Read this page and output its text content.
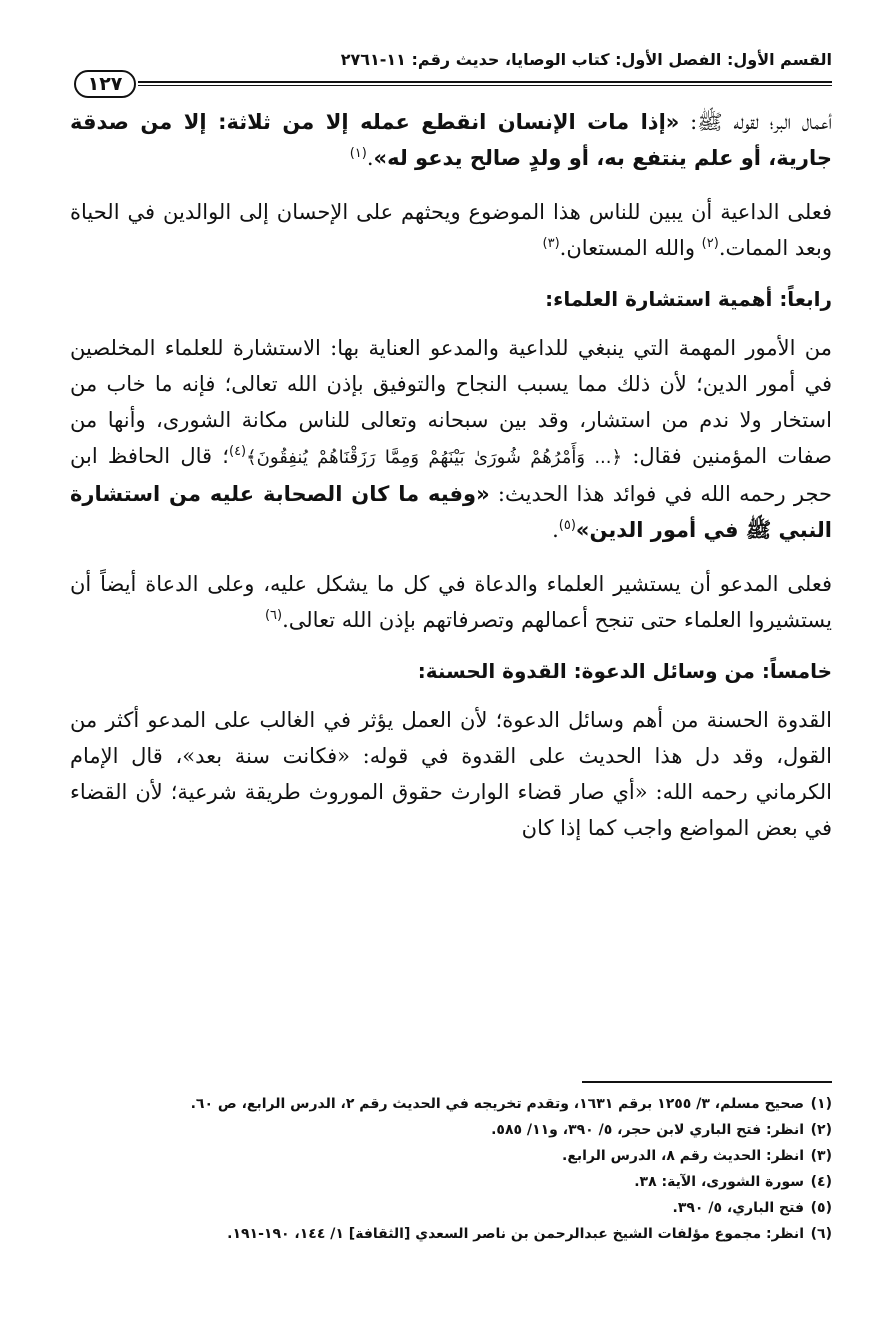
القسم الأول: الفصل الأول: كتاب الوصايا، حديث رقم: ١١-٢٧٦١
١٢٧

أعمال البر؛ لقوله ﷺ: «إذا مات الإنسان انقطع عمله إلا من ثلاثة: إلا من صدقة جارية، أو علم ينتفع به، أو ولدٍ صالح يدعو له».$^{(١)}$

فعلى الداعية أن يبين للناس هذا الموضوع ويحثهم على الإحسان إلى الوالدين في الحياة وبعد الممات.$^{(٢)}$ والله المستعان.$^{(٣)}$

رابعاً: أهمية استشارة العلماء:

من الأمور المهمة التي ينبغي للداعية والمدعو العناية بها: الاستشارة للعلماء المخلصين في أمور الدين؛ لأن ذلك مما يسبب النجاح والتوفيق بإذن الله تعالى؛ فإنه ما خاب من استخار ولا ندم من استشار، وقد بين سبحانه وتعالى للناس مكانة الشورى، وأنها من صفات المؤمنين فقال: ﴿... وَأَمْرُهُمْ شُورَىٰ بَيْنَهُمْ وَمِمَّا رَزَقْنَاهُمْ يُنفِقُونَ﴾$^{(٤)}$؛ قال الحافظ ابن حجر رحمه الله في فوائد هذا الحديث: «وفيه ما كان الصحابة عليه من استشارة النبي ﷺ في أمور الدين»$^{(٥)}$.

فعلى المدعو أن يستشير العلماء والدعاة في كل ما يشكل عليه، وعلى الدعاة أيضاً أن يستشيروا العلماء حتى تنجح أعمالهم وتصرفاتهم بإذن الله تعالى.$^{(٦)}$

خامساً: من وسائل الدعوة: القدوة الحسنة:

القدوة الحسنة من أهم وسائل الدعوة؛ لأن العمل يؤثر في الغالب على المدعو أكثر من القول، وقد دل هذا الحديث على القدوة في قوله: «فكانت سنة بعد»، قال الإمام الكرماني رحمه الله: «أي صار قضاء الوارث حقوق الموروث طريقة شرعية؛ لأن القضاء في بعض المواضع واجب كما إذا كان

(١)صحيح مسلم، ٣/ ١٢٥٥ برقم ١٦٣١، وتقدم تخريجه في الحديث رقم ٢، الدرس الرابع، ص ٦٠.

(٢)انظر: فتح الباري لابن حجر، ٥/ ٣٩٠، و١١/ ٥٨٥.

(٣)انظر: الحديث رقم ٨، الدرس الرابع.

(٤)سورة الشورى، الآية: ٣٨.

(٥)فتح الباري، ٥/ ٣٩٠.

(٦)انظر: مجموع مؤلفات الشيخ عبدالرحمن بن ناصر السعدي [الثقافة] ١/ ١٤٤، ١٩٠-١٩١.
